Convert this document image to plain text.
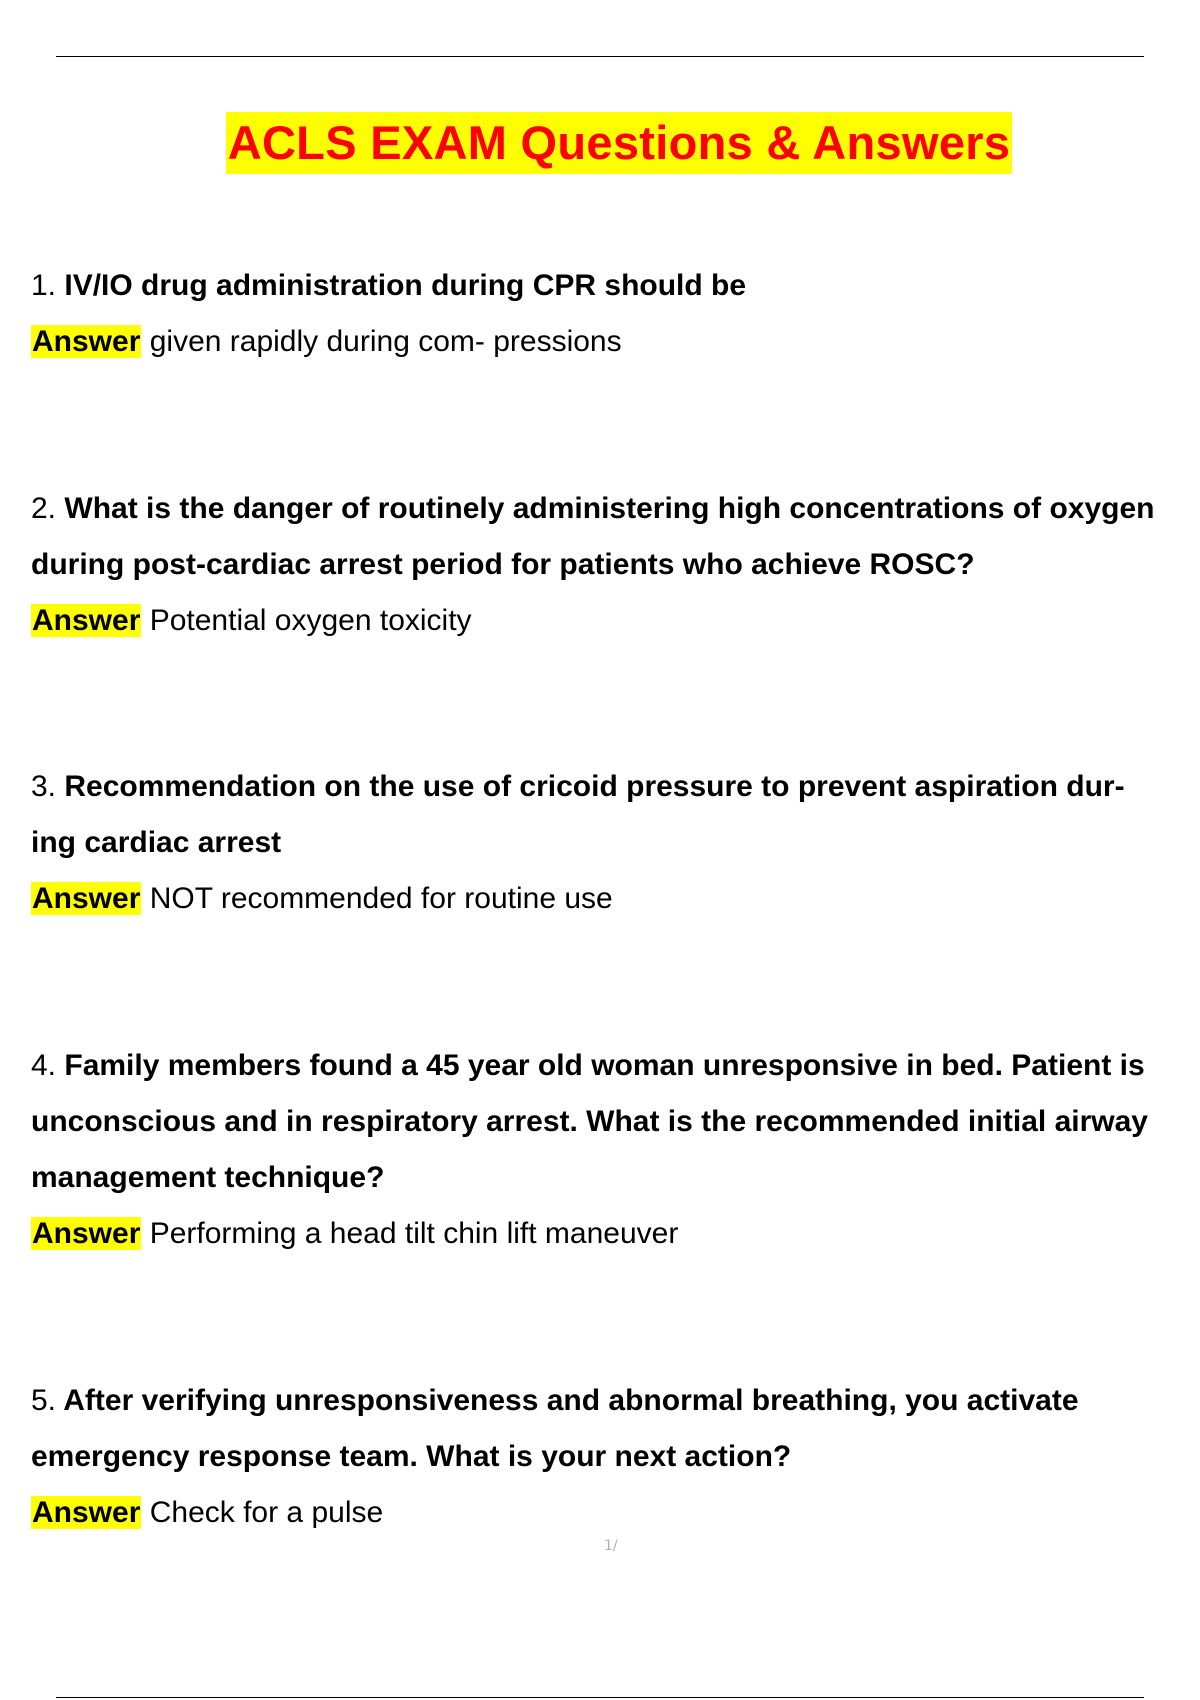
ACLS EXAM Questions & Answers
1. IV/IO drug administration during CPR should be
Answer given rapidly during com- pressions
2. What is the danger of routinely administering high concentrations of oxygen
during post-cardiac arrest period for patients who achieve ROSC?
Answer Potential oxygen toxicity
3. Recommendation on the use of cricoid pressure to prevent aspiration dur-
ing cardiac arrest
Answer NOT recommended for routine use
4. Family members found a 45 year old woman unresponsive in bed. Patient is
unconscious and in respiratory arrest. What is the recommended initial airway
management technique?
Answer Performing a head tilt chin lift maneuver
5. After verifying unresponsiveness and abnormal breathing, you activate
emergency response team. What is your next action?
Answer Check for a pulse
1/
